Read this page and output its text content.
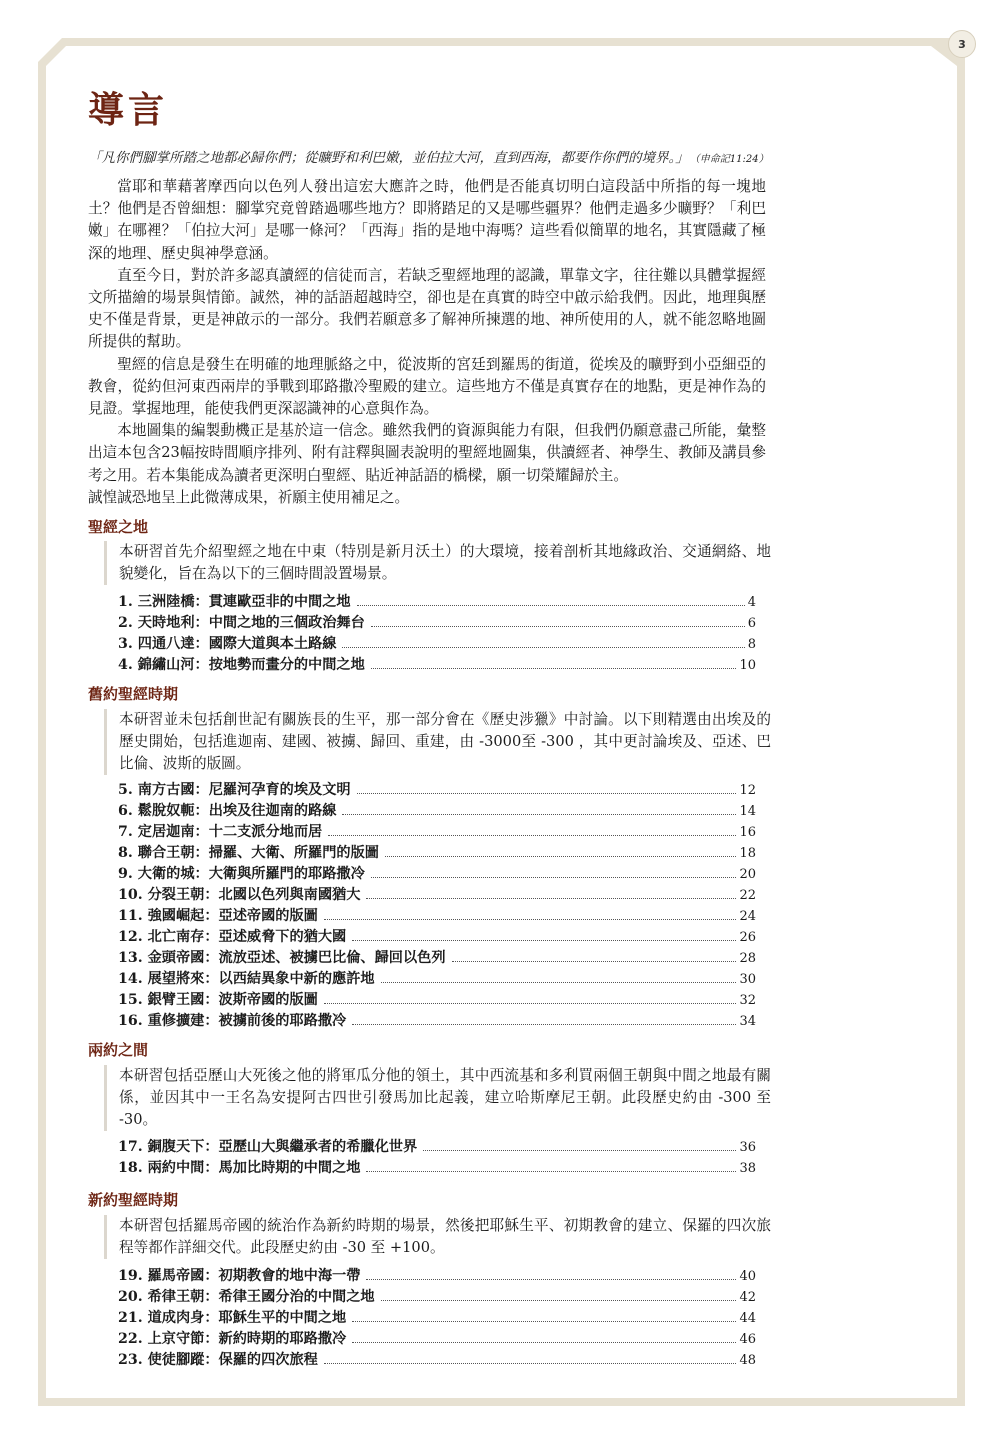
3
導言
「凡你們腳掌所踏之地都必歸你們；從曠野和利巴嫩，並伯拉大河，直到西海，都要作你們的境界。」 （申命記11:24）

當耶和華藉著摩西向以色列人發出這宏大應許之時，他們是否能真切明白這段話中所指的每一塊地土？他們是否曾細想：腳掌究竟曾踏過哪些地方？即將踏足的又是哪些疆界？他們走過多少曠野？「利巴嫩」在哪裡？「伯拉大河」是哪一條河？「西海」指的是地中海嗎？這些看似簡單的地名，其實隱藏了極深的地理、歷史與神學意涵。

直至今日，對於許多認真讀經的信徒而言，若缺乏聖經地理的認識，單靠文字，往往難以具體掌握經文所描繪的場景與情節。誠然，神的話語超越時空，卻也是在真實的時空中啟示給我們。因此，地理與歷史不僅是背景，更是神啟示的一部分。我們若願意多了解神所揀選的地、神所使用的人，就不能忽略地圖所提供的幫助。

聖經的信息是發生在明確的地理脈絡之中，從波斯的宮廷到羅馬的街道，從埃及的曠野到小亞細亞的教會，從約但河東西兩岸的爭戰到耶路撒冷聖殿的建立。這些地方不僅是真實存在的地點，更是神作為的見證。掌握地理，能使我們更深認識神的心意與作為。

本地圖集的編製動機正是基於這一信念。雖然我們的資源與能力有限，但我們仍願意盡己所能，彙整出這本包含23幅按時間順序排列、附有註釋與圖表說明的聖經地圖集，供讀經者、神學生、教師及講員參考之用。若本集能成為讀者更深明白聖經、貼近神話語的橋樑，願一切榮耀歸於主。

誠惶誠恐地呈上此微薄成果，祈願主使用補足之。

聖經之地
本研習首先介紹聖經之地在中東（特別是新月沃土）的大環境，接着剖析其地緣政治、交通網絡、地貌變化，旨在為以下的三個時間設置場景。
1. 三洲陸橋：貫連歐亞非的中間之地	4
2. 天時地利：中間之地的三個政治舞台	6
3. 四通八達：國際大道與本土路線	8
4. 錦繡山河：按地勢而畫分的中間之地	10
舊約聖經時期
本研習並未包括創世記有關族長的生平，那一部分會在《歷史涉獵》中討論。以下則精選由出埃及的歷史開始，包括進迦南、建國、被擄、歸回、重建，由 -3000至 -300 ，其中更討論埃及、亞述、巴比倫、波斯的版圖。
5. 南方古國：尼羅河孕育的埃及文明	12
6. 鬆脫奴軛：出埃及往迦南的路線	14
7. 定居迦南：十二支派分地而居	16
8. 聯合王朝：掃羅、大衛、所羅門的版圖	18
9. 大衛的城：大衛與所羅門的耶路撒冷	20
10. 分裂王朝：北國以色列與南國猶大	22
11. 強國崛起：亞述帝國的版圖	24
12. 北亡南存：亞述威脅下的猶大國	26
13. 金頭帝國：流放亞述、被擄巴比倫、歸回以色列	28
14. 展望將來：以西結異象中新的應許地	30
15. 銀臂王國：波斯帝國的版圖	32
16. 重修擴建：被擄前後的耶路撒冷	34
兩約之間
本研習包括亞歷山大死後之他的將軍瓜分他的領土，其中西流基和多利買兩個王朝與中間之地最有關係，並因其中一王名為安提阿古四世引發馬加比起義，建立哈斯摩尼王朝。此段歷史約由 -300 至 -30。
17. 銅腹天下：亞歷山大與繼承者的希臘化世界	36
18. 兩約中間：馬加比時期的中間之地	38
新約聖經時期
本研習包括羅馬帝國的統治作為新約時期的場景，然後把耶穌生平、初期教會的建立、保羅的四次旅程等都作詳細交代。此段歷史約由 -30 至 +100。
19. 羅馬帝國：初期教會的地中海一帶	40
20. 希律王朝：希律王國分治的中間之地	42
21. 道成肉身：耶穌生平的中間之地	44
22. 上京守節：新約時期的耶路撒冷	46
23. 使徒腳蹤：保羅的四次旅程	48
